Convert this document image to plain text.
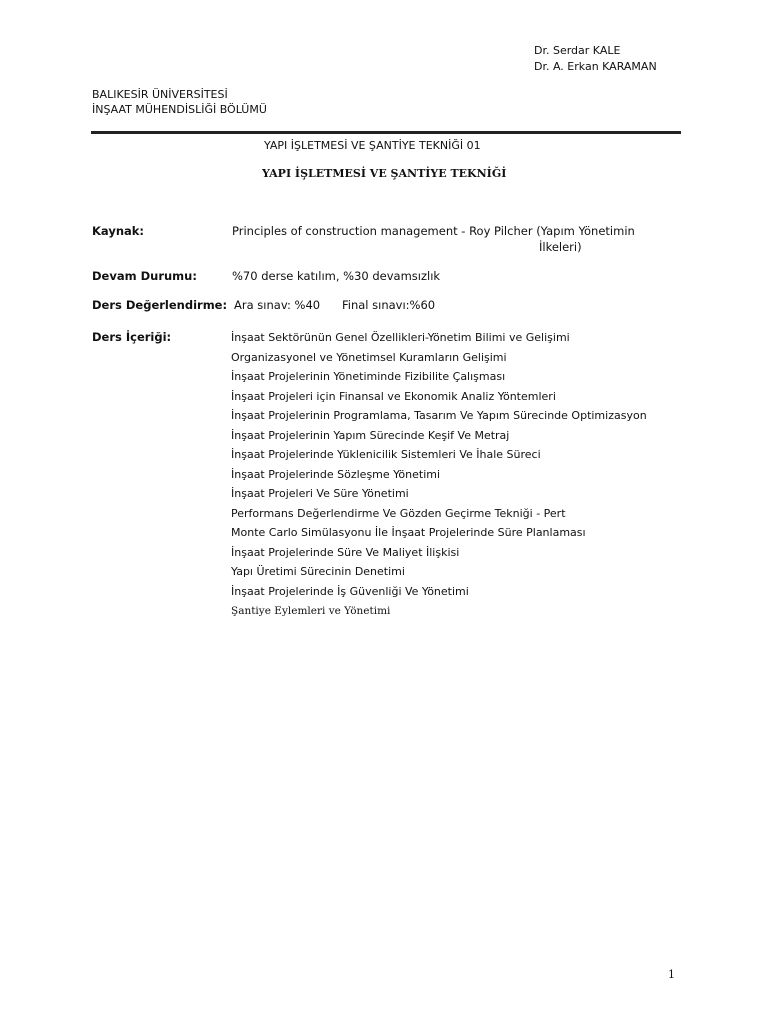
Dr. Serdar KALE
Dr. A. Erkan KARAMAN
BALIKESİR ÜNİVERSİTESİ
İNŞAAT MÜHENDİSLİĞİ BÖLÜMÜ
YAPI İŞLETMESİ VE ŞANTİYE TEKNİĞİ 01
YAPI İŞLETMESİ VE ŞANTİYE TEKNİĞİ
Kaynak:	Principles of construction management - Roy Pilcher (Yapım Yönetimin
İlkeleri)
Devam Durumu:	%70 derse katılım, %30 devamsızlık
Ders Değerlendirme: Ara sınav: %40 Final sınavı:%60
Ders İçeriği:	İnşaat Sektörünün Genel Özellikleri-Yönetim Bilimi ve Gelişimi
Organizasyonel ve Yönetimsel Kuramların Gelişimi
İnşaat Projelerinin Yönetiminde Fizibilite Çalışması
İnşaat Projeleri için Finansal ve Ekonomik Analiz Yöntemleri
İnşaat Projelerinin Programlama, Tasarım Ve Yapım Sürecinde Optimizasyon
İnşaat Projelerinin Yapım Sürecinde Keşif Ve Metraj
İnşaat Projelerinde Yüklenicilik Sistemleri Ve İhale Süreci
İnşaat Projelerinde Sözleşme Yönetimi
İnşaat Projeleri Ve Süre Yönetimi
Performans Değerlendirme Ve Gözden Geçirme Tekniği - Pert
Monte Carlo Simülasyonu İle İnşaat Projelerinde Süre Planlaması
İnşaat Projelerinde Süre Ve Maliyet İlişkisi
Yapı Üretimi Sürecinin Denetimi
İnşaat Projelerinde İş Güvenliği Ve Yönetimi
Şantiye Eylemleri ve Yönetimi
1
